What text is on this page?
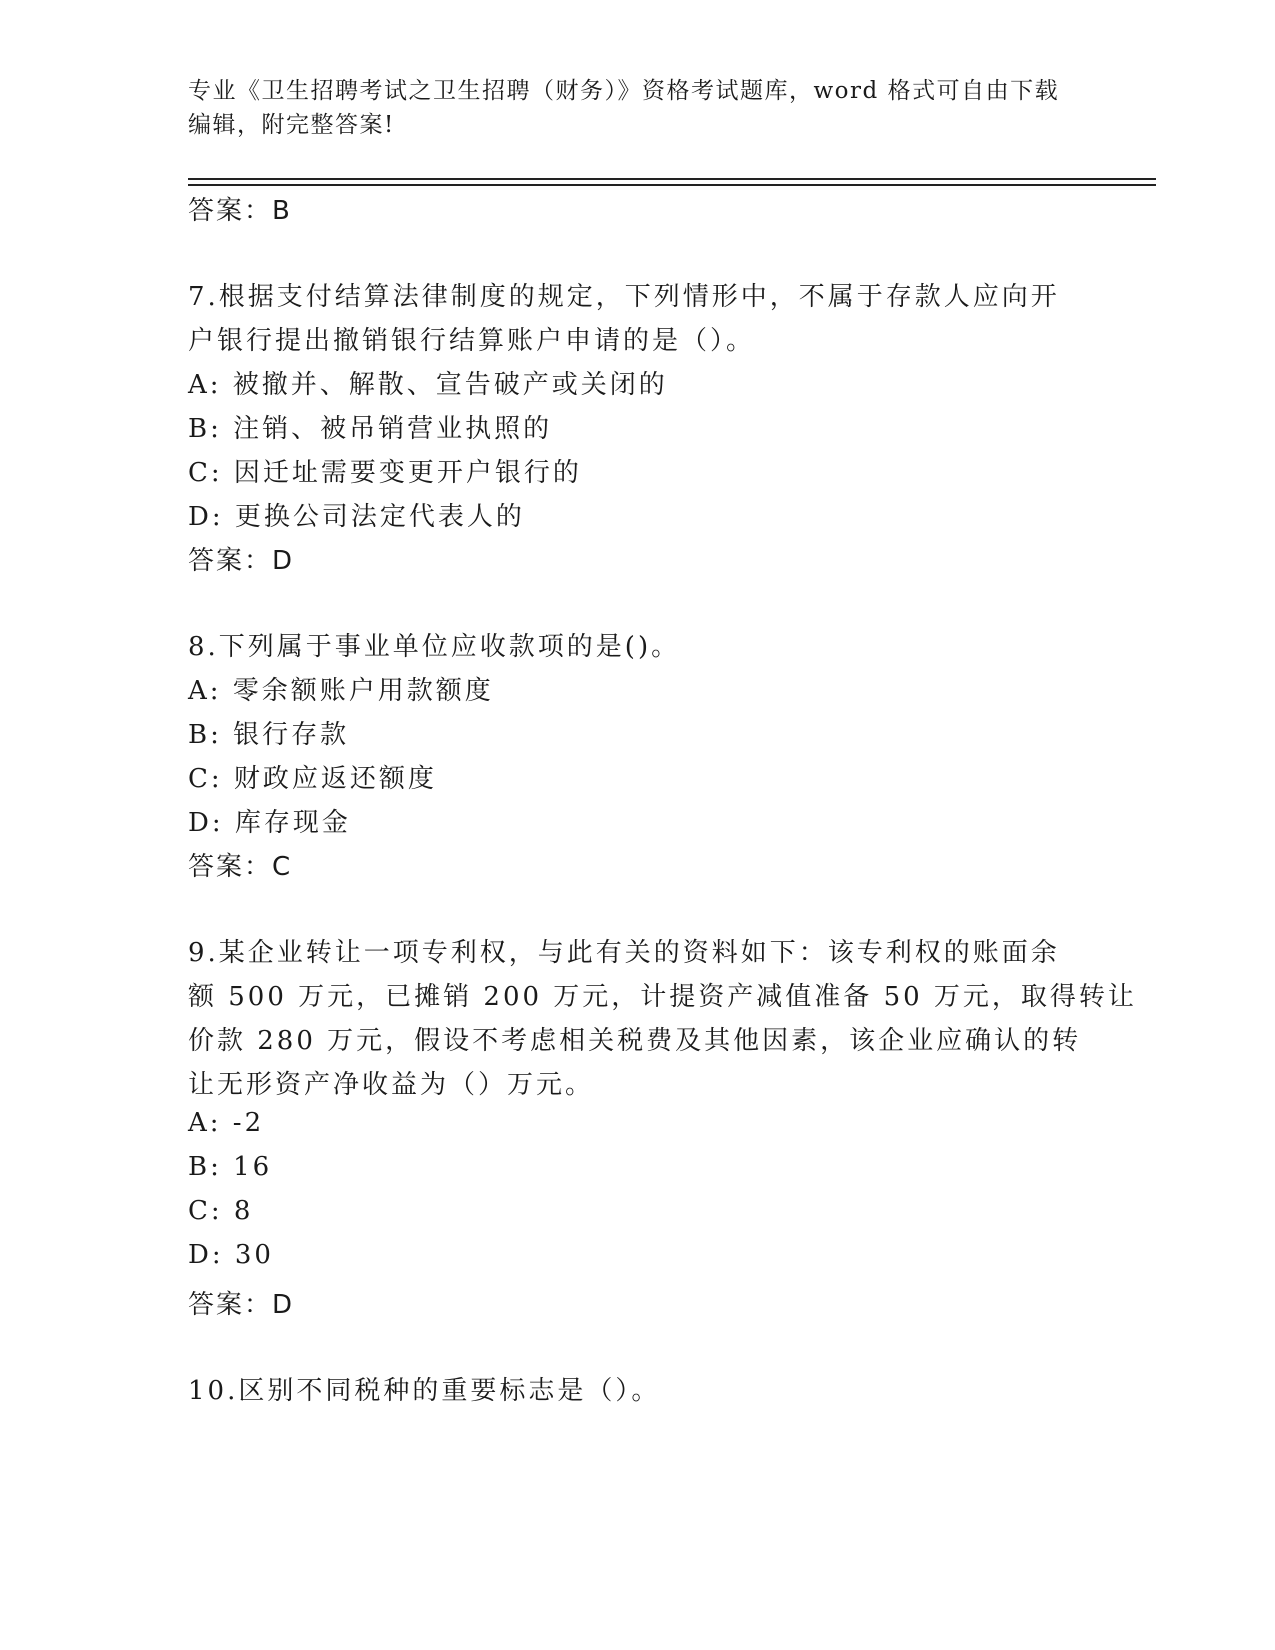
专业《卫生招聘考试之卫生招聘（财务）》资格考试题库，word 格式可自由下载
编辑，附完整答案!
答案：B
7.根据支付结算法律制度的规定，下列情形中，不属于存款人应向开
户银行提出撤销银行结算账户申请的是（）。
A: 被撤并、解散、宣告破产或关闭的
B: 注销、被吊销营业执照的
C: 因迁址需要变更开户银行的
D: 更换公司法定代表人的
答案：D
8.下列属于事业单位应收款项的是()。
A: 零余额账户用款额度
B: 银行存款
C: 财政应返还额度
D: 库存现金
答案：C
9.某企业转让一项专利权，与此有关的资料如下：该专利权的账面余
额 500 万元，已摊销 200 万元，计提资产减值准备 50 万元，取得转让
价款 280 万元，假设不考虑相关税费及其他因素，该企业应确认的转
让无形资产净收益为（）万元。
A: -2
B: 16
C: 8
D: 30
答案：D
10.区别不同税种的重要标志是（）。
